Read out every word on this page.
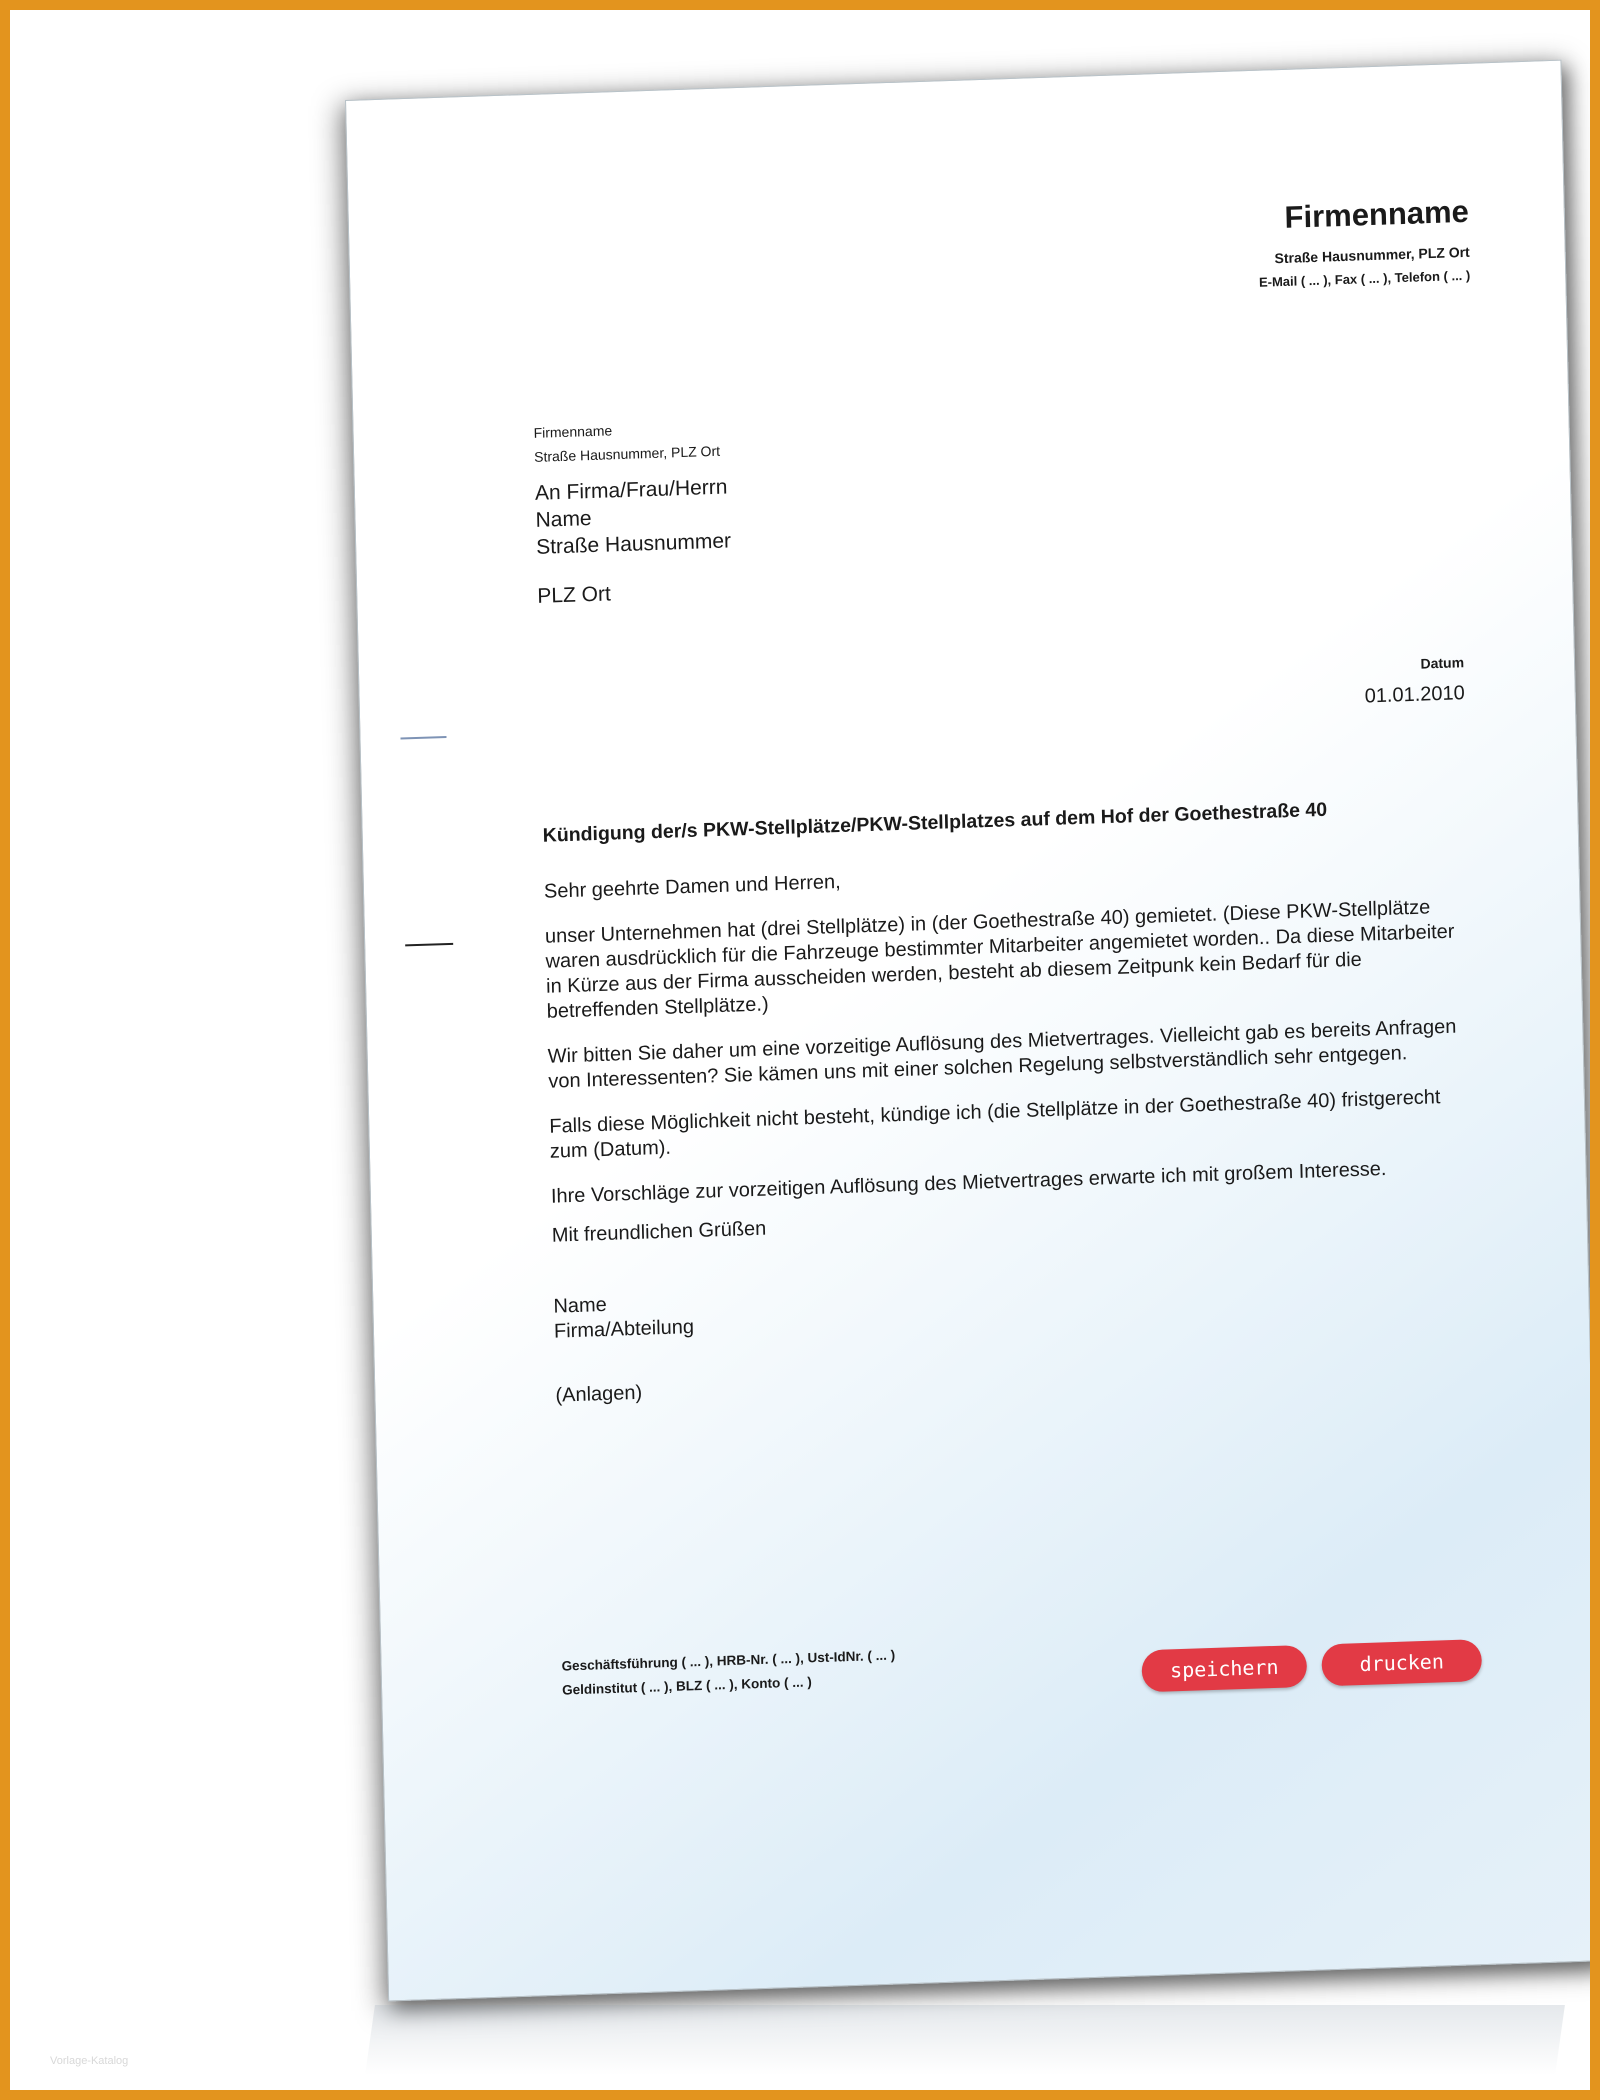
Firmenname
Straße Hausnummer, PLZ Ort
E-Mail ( ... ), Fax ( ... ), Telefon ( ... )
Firmenname
Straße Hausnummer, PLZ Ort
An Firma/Frau/Herrn
Name
Straße Hausnummer
PLZ Ort
Datum
01.01.2010
Kündigung der/s PKW-Stellplätze/PKW-Stellplatzes auf dem Hof der Goethestraße 40

Sehr geehrte Damen und Herren,

unser Unternehmen hat (drei Stellplätze) in (der Goethestraße 40) gemietet. (Diese PKW-Stellplätze waren ausdrücklich für die Fahrzeuge bestimmter Mitarbeiter angemietet worden.. Da diese Mitarbeiter in Kürze aus der Firma ausscheiden werden, besteht ab diesem Zeitpunk kein Bedarf für die betreffenden Stellplätze.)

Wir bitten Sie daher um eine vorzeitige Auflösung des Mietvertrages. Vielleicht gab es bereits Anfragen von Interessenten? Sie kämen uns mit einer solchen Regelung selbstverständlich sehr entgegen.

Falls diese Möglichkeit nicht besteht, kündige ich (die Stellplätze in der Goethestraße 40) fristgerecht zum (Datum).

Ihre Vorschläge zur vorzeitigen Auflösung des Mietvertrages erwarte ich mit großem Interesse.

Mit freundlichen Grüßen
Name
Firma/Abteilung
(Anlagen)
Geschäftsführung ( ... ), HRB-Nr. ( ... ), Ust-IdNr. ( ... )
Geldinstitut ( ... ), BLZ ( ... ), Konto ( ... )
speichern	drucken
Vorlage-Katalog
